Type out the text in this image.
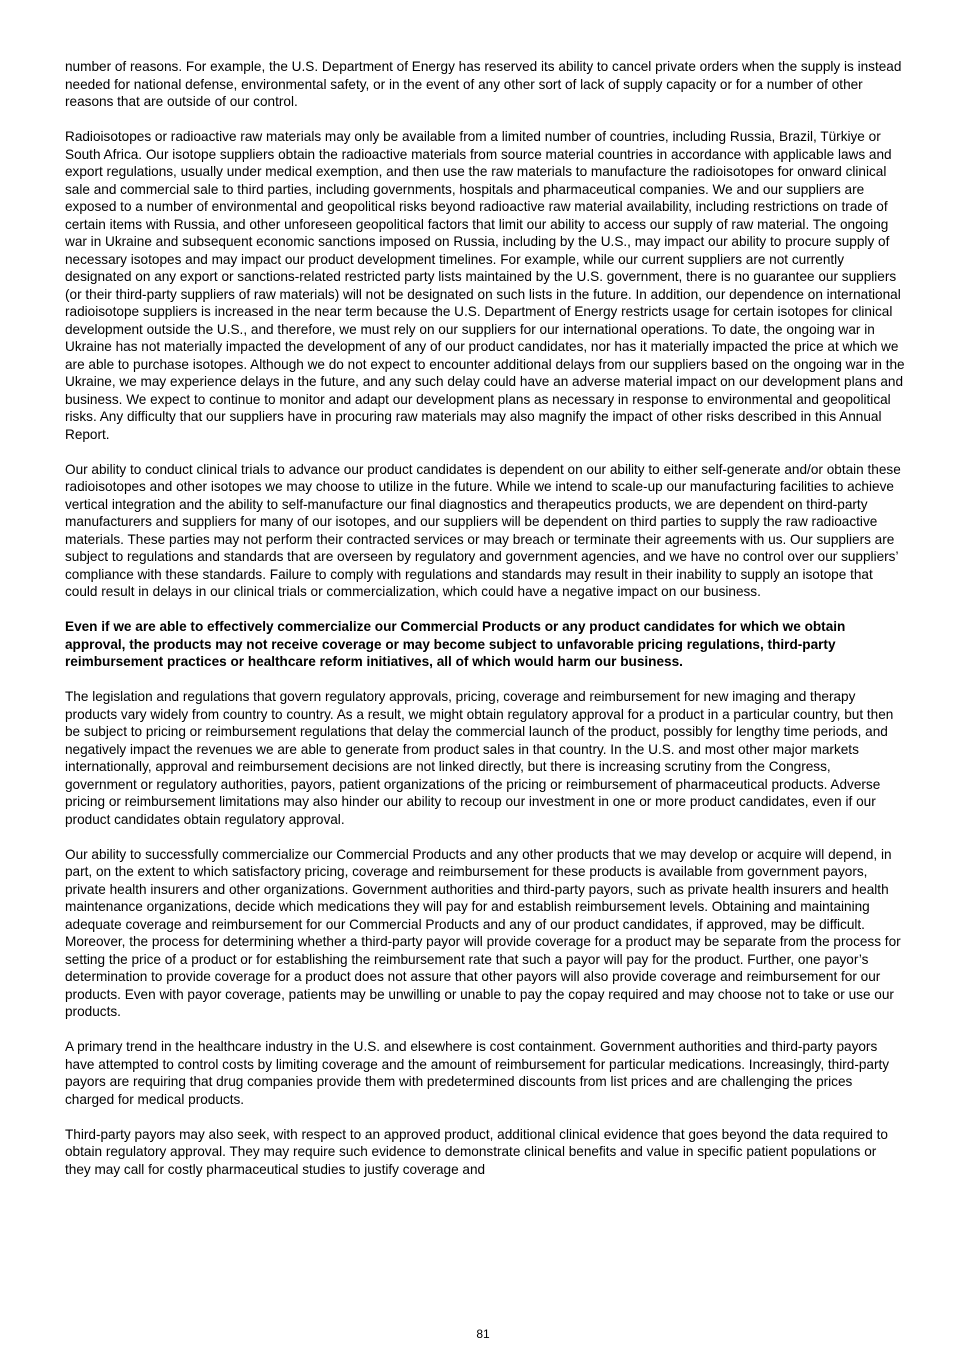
number of reasons. For example, the U.S. Department of Energy has reserved its ability to cancel private orders when the supply is instead needed for national defense, environmental safety, or in the event of any other sort of lack of supply capacity or for a number of other reasons that are outside of our control.

Radioisotopes or radioactive raw materials may only be available from a limited number of countries, including Russia, Brazil, Türkiye or South Africa. Our isotope suppliers obtain the radioactive materials from source material countries in accordance with applicable laws and export regulations, usually under medical exemption, and then use the raw materials to manufacture the radioisotopes for onward clinical sale and commercial sale to third parties, including governments, hospitals and pharmaceutical companies. We and our suppliers are exposed to a number of environmental and geopolitical risks beyond radioactive raw material availability, including restrictions on trade of certain items with Russia, and other unforeseen geopolitical factors that limit our ability to access our supply of raw material. The ongoing war in Ukraine and subsequent economic sanctions imposed on Russia, including by the U.S., may impact our ability to procure supply of necessary isotopes and may impact our product development timelines. For example, while our current suppliers are not currently designated on any export or sanctions-related restricted party lists maintained by the U.S. government, there is no guarantee our suppliers (or their third-party suppliers of raw materials) will not be designated on such lists in the future. In addition, our dependence on international radioisotope suppliers is increased in the near term because the U.S. Department of Energy restricts usage for certain isotopes for clinical development outside the U.S., and therefore, we must rely on our suppliers for our international operations. To date, the ongoing war in Ukraine has not materially impacted the development of any of our product candidates, nor has it materially impacted the price at which we are able to purchase isotopes. Although we do not expect to encounter additional delays from our suppliers based on the ongoing war in the Ukraine, we may experience delays in the future, and any such delay could have an adverse material impact on our development plans and business. We expect to continue to monitor and adapt our development plans as necessary in response to environmental and geopolitical risks. Any difficulty that our suppliers have in procuring raw materials may also magnify the impact of other risks described in this Annual Report.

Our ability to conduct clinical trials to advance our product candidates is dependent on our ability to either self-generate and/or obtain these radioisotopes and other isotopes we may choose to utilize in the future. While we intend to scale-up our manufacturing facilities to achieve vertical integration and the ability to self-manufacture our final diagnostics and therapeutics products, we are dependent on third-party manufacturers and suppliers for many of our isotopes, and our suppliers will be dependent on third parties to supply the raw radioactive materials. These parties may not perform their contracted services or may breach or terminate their agreements with us. Our suppliers are subject to regulations and standards that are overseen by regulatory and government agencies, and we have no control over our suppliers’ compliance with these standards. Failure to comply with regulations and standards may result in their inability to supply an isotope that could result in delays in our clinical trials or commercialization, which could have a negative impact on our business.

Even if we are able to effectively commercialize our Commercial Products or any product candidates for which we obtain approval, the products may not receive coverage or may become subject to unfavorable pricing regulations, third-party reimbursement practices or healthcare reform initiatives, all of which would harm our business.

The legislation and regulations that govern regulatory approvals, pricing, coverage and reimbursement for new imaging and therapy products vary widely from country to country. As a result, we might obtain regulatory approval for a product in a particular country, but then be subject to pricing or reimbursement regulations that delay the commercial launch of the product, possibly for lengthy time periods, and negatively impact the revenues we are able to generate from product sales in that country. In the U.S. and most other major markets internationally, approval and reimbursement decisions are not linked directly, but there is increasing scrutiny from the Congress, government or regulatory authorities, payors, patient organizations of the pricing or reimbursement of pharmaceutical products. Adverse pricing or reimbursement limitations may also hinder our ability to recoup our investment in one or more product candidates, even if our product candidates obtain regulatory approval.

Our ability to successfully commercialize our Commercial Products and any other products that we may develop or acquire will depend, in part, on the extent to which satisfactory pricing, coverage and reimbursement for these products is available from government payors, private health insurers and other organizations. Government authorities and third-party payors, such as private health insurers and health maintenance organizations, decide which medications they will pay for and establish reimbursement levels. Obtaining and maintaining adequate coverage and reimbursement for our Commercial Products and any of our product candidates, if approved, may be difficult. Moreover, the process for determining whether a third-party payor will provide coverage for a product may be separate from the process for setting the price of a product or for establishing the reimbursement rate that such a payor will pay for the product. Further, one payor’s determination to provide coverage for a product does not assure that other payors will also provide coverage and reimbursement for our products. Even with payor coverage, patients may be unwilling or unable to pay the copay required and may choose not to take or use our products.

A primary trend in the healthcare industry in the U.S. and elsewhere is cost containment. Government authorities and third-party payors have attempted to control costs by limiting coverage and the amount of reimbursement for particular medications. Increasingly, third-party payors are requiring that drug companies provide them with predetermined discounts from list prices and are challenging the prices charged for medical products.

Third-party payors may also seek, with respect to an approved product, additional clinical evidence that goes beyond the data required to obtain regulatory approval. They may require such evidence to demonstrate clinical benefits and value in specific patient populations or they may call for costly pharmaceutical studies to justify coverage and

81
